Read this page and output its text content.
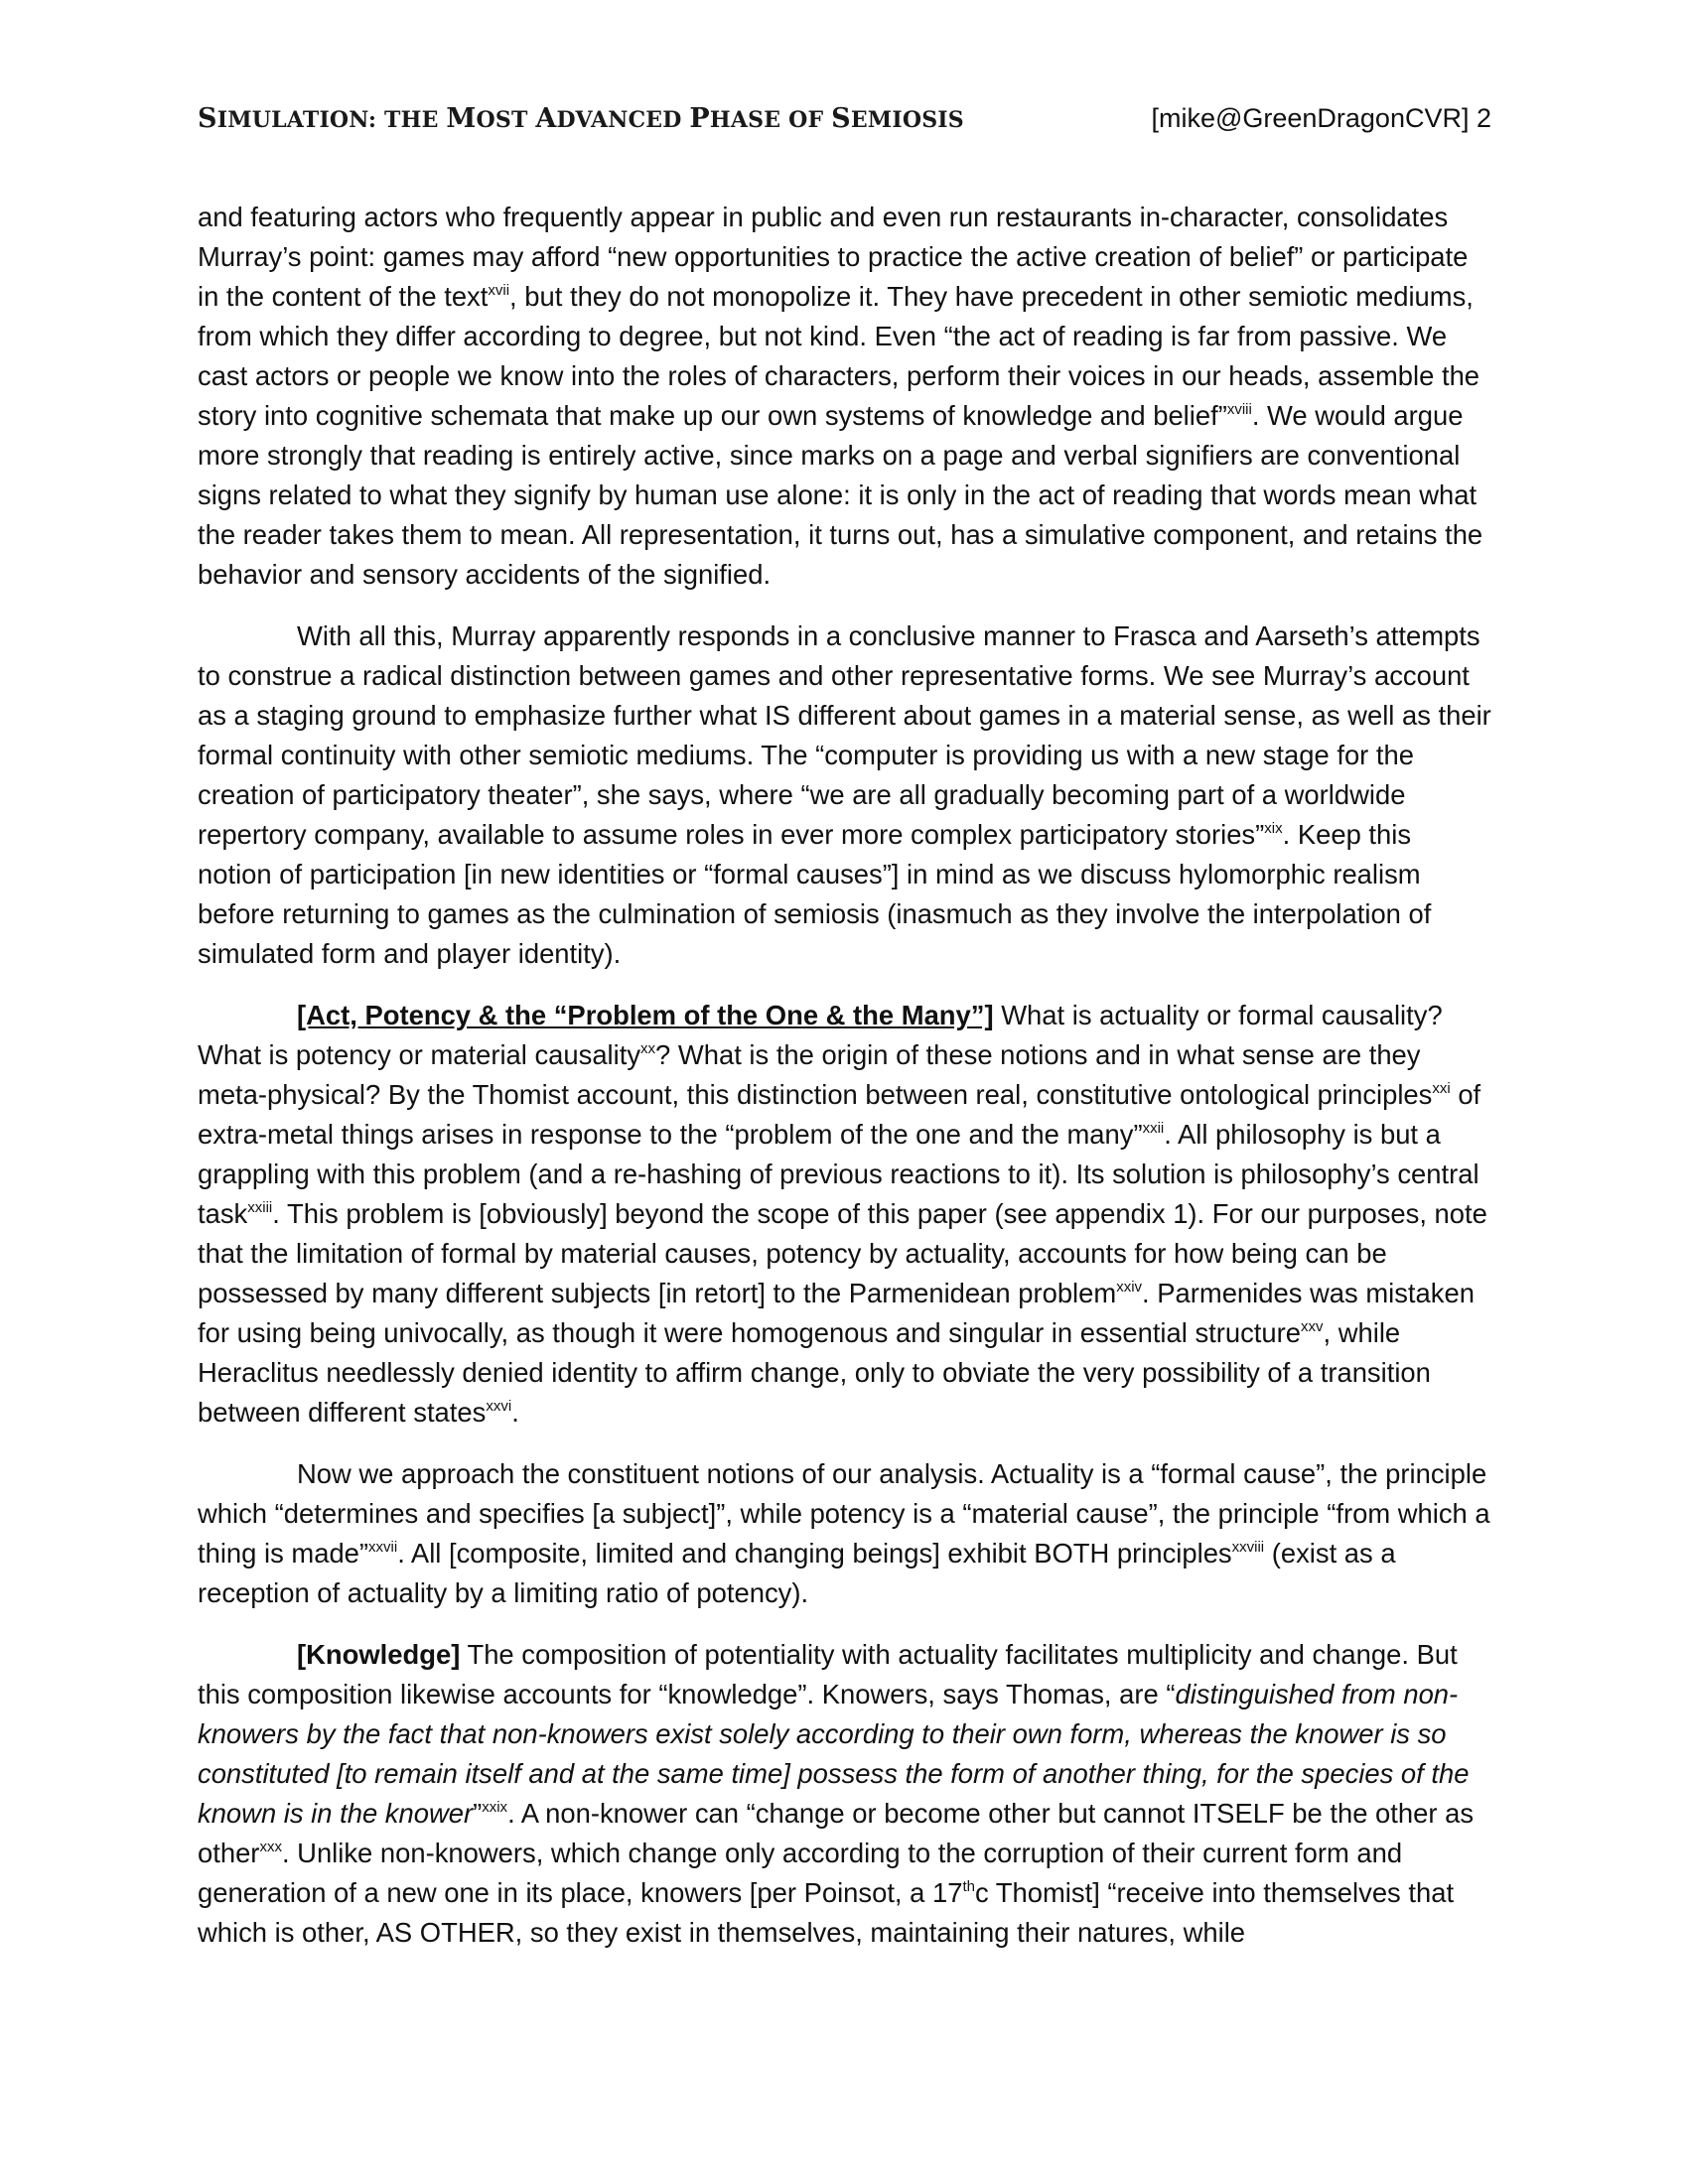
SIMULATION: THE MOST ADVANCED PHASE OF SEMIOSIS	[mike@GreenDragonCVR] 2

and featuring actors who frequently appear in public and even run restaurants in-character, consolidates Murray’s point: games may afford “new opportunities to practice the active creation of belief” or participate in the content of the text$^{xvii}$, but they do not monopolize it. They have precedent in other semiotic mediums, from which they differ according to degree, but not kind. Even “the act of reading is far from passive. We cast actors or people we know into the roles of characters, perform their voices in our heads, assemble the story into cognitive schemata that make up our own systems of knowledge and belief”$^{xviii}$. We would argue more strongly that reading is entirely active, since marks on a page and verbal signifiers are conventional signs related to what they signify by human use alone: it is only in the act of reading that words mean what the reader takes them to mean. All representation, it turns out, has a simulative component, and retains the behavior and sensory accidents of the signified.

With all this, Murray apparently responds in a conclusive manner to Frasca and Aarseth’s attempts to construe a radical distinction between games and other representative forms. We see Murray’s account as a staging ground to emphasize further what IS different about games in a material sense, as well as their formal continuity with other semiotic mediums. The “computer is providing us with a new stage for the creation of participatory theater”, she says, where “we are all gradually becoming part of a worldwide repertory company, available to assume roles in ever more complex participatory stories”$^{xix}$. Keep this notion of participation [in new identities or “formal causes”] in mind as we discuss hylomorphic realism before returning to games as the culmination of semiosis (inasmuch as they involve the interpolation of simulated form and player identity).

[Act, Potency & the “Problem of the One & the Many”] What is actuality or formal causality? What is potency or material causality$^{xx}$? What is the origin of these notions and in what sense are they meta-physical? By the Thomist account, this distinction between real, constitutive ontological principles$^{xxi}$ of extra-metal things arises in response to the “problem of the one and the many”$^{xxii}$. All philosophy is but a grappling with this problem (and a re-hashing of previous reactions to it). Its solution is philosophy’s central task$^{xxiii}$. This problem is [obviously] beyond the scope of this paper (see appendix 1). For our purposes, note that the limitation of formal by material causes, potency by actuality, accounts for how being can be possessed by many different subjects [in retort] to the Parmenidean problem$^{xxiv}$. Parmenides was mistaken for using being univocally, as though it were homogenous and singular in essential structure$^{xxv}$, while Heraclitus needlessly denied identity to affirm change, only to obviate the very possibility of a transition between different states$^{xxvi}$.

Now we approach the constituent notions of our analysis. Actuality is a “formal cause”, the principle which “determines and specifies [a subject]”, while potency is a “material cause”, the principle “from which a thing is made”$^{xxvii}$. All [composite, limited and changing beings] exhibit BOTH principles$^{xxviii}$ (exist as a reception of actuality by a limiting ratio of potency).

[Knowledge] The composition of potentiality with actuality facilitates multiplicity and change. But this composition likewise accounts for “knowledge”. Knowers, says Thomas, are “distinguished from non-knowers by the fact that non-knowers exist solely according to their own form, whereas the knower is so constituted [to remain itself and at the same time] possess the form of another thing, for the species of the known is in the knower”$^{xxix}$. A non-knower can “change or become other but cannot ITSELF be the other as other$^{xxx}$. Unlike non-knowers, which change only according to the corruption of their current form and generation of a new one in its place, knowers [per Poinsot, a 17thc Thomist] “receive into themselves that which is other, AS OTHER, so they exist in themselves, maintaining their natures, while
